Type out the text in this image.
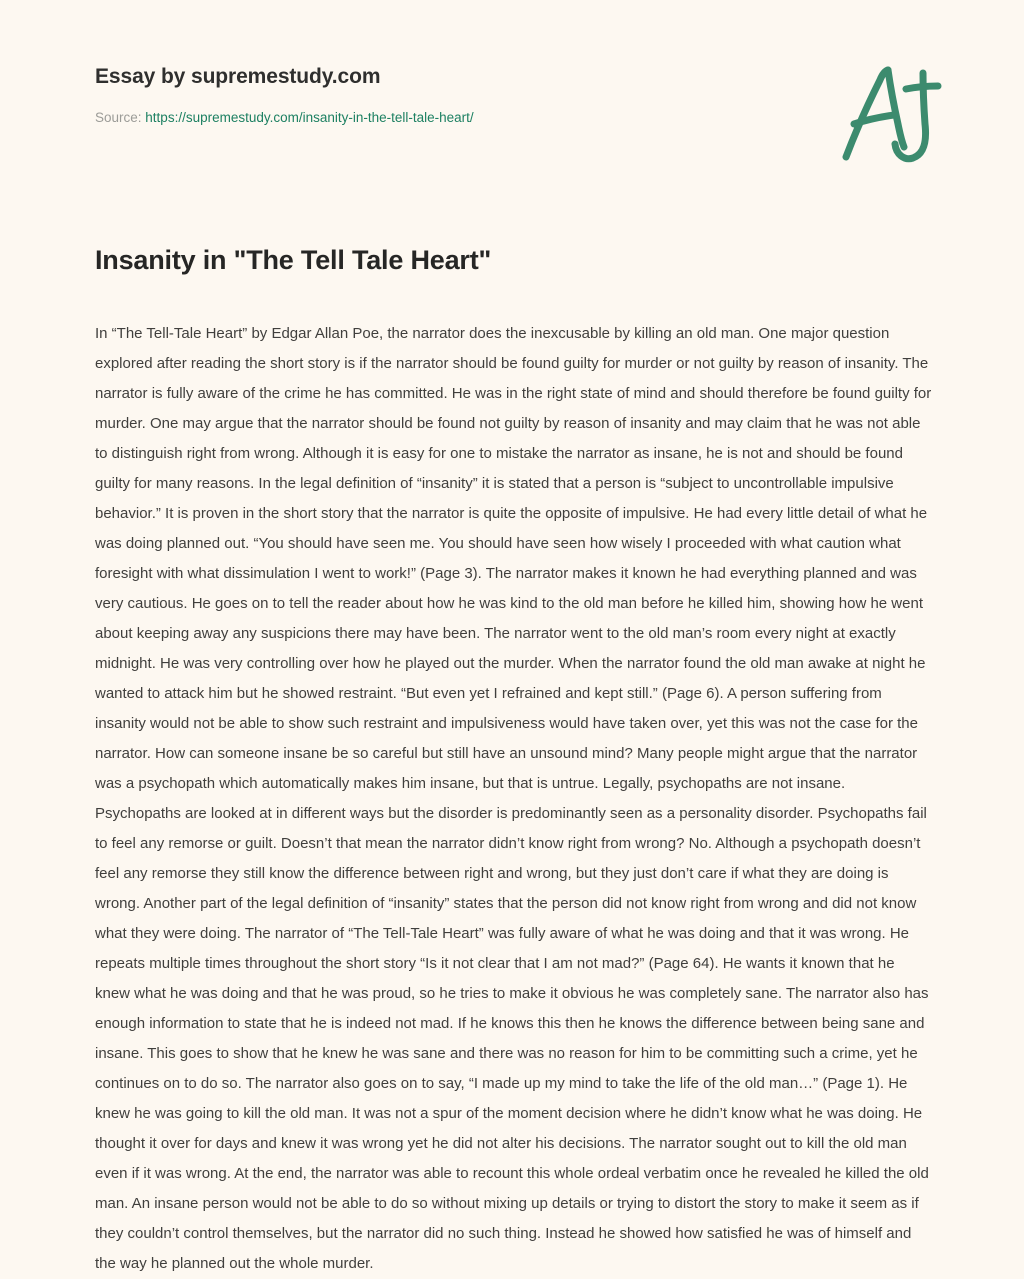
Essay by supremestudy.com
Source: https://supremestudy.com/insanity-in-the-tell-tale-heart/
Insanity in "The Tell Tale Heart"

In “The Tell-Tale Heart” by Edgar Allan Poe, the narrator does the inexcusable by killing an old man. One major question explored after reading the short story is if the narrator should be found guilty for murder or not guilty by reason of insanity. The narrator is fully aware of the crime he has committed. He was in the right state of mind and should therefore be found guilty for murder. One may argue that the narrator should be found not guilty by reason of insanity and may claim that he was not able to distinguish right from wrong. Although it is easy for one to mistake the narrator as insane, he is not and should be found guilty for many reasons. In the legal definition of “insanity” it is stated that a person is “subject to uncontrollable impulsive behavior.” It is proven in the short story that the narrator is quite the opposite of impulsive. He had every little detail of what he was doing planned out. “You should have seen me. You should have seen how wisely I proceeded with what caution what foresight with what dissimulation I went to work!” (Page 3). The narrator makes it known he had everything planned and was very cautious. He goes on to tell the reader about how he was kind to the old man before he killed him, showing how he went about keeping away any suspicions there may have been. The narrator went to the old man’s room every night at exactly midnight. He was very controlling over how he played out the murder. When the narrator found the old man awake at night he wanted to attack him but he showed restraint. “But even yet I refrained and kept still.” (Page 6). A person suffering from insanity would not be able to show such restraint and impulsiveness would have taken over, yet this was not the case for the narrator. How can someone insane be so careful but still have an unsound mind? Many people might argue that the narrator was a psychopath which automatically makes him insane, but that is untrue. Legally, psychopaths are not insane. Psychopaths are looked at in different ways but the disorder is predominantly seen as a personality disorder. Psychopaths fail to feel any remorse or guilt. Doesn’t that mean the narrator didn’t know right from wrong? No. Although a psychopath doesn’t feel any remorse they still know the difference between right and wrong, but they just don’t care if what they are doing is wrong. Another part of the legal definition of “insanity” states that the person did not know right from wrong and did not know what they were doing. The narrator of “The Tell-Tale Heart” was fully aware of what he was doing and that it was wrong. He repeats multiple times throughout the short story “Is it not clear that I am not mad?” (Page 64). He wants it known that he knew what he was doing and that he was proud, so he tries to make it obvious he was completely sane. The narrator also has enough information to state that he is indeed not mad. If he knows this then he knows the difference between being sane and insane. This goes to show that he knew he was sane and there was no reason for him to be committing such a crime, yet he continues on to do so. The narrator also goes on to say, “I made up my mind to take the life of the old man…” (Page 1). He knew he was going to kill the old man. It was not a spur of the moment decision where he didn’t know what he was doing. He thought it over for days and knew it was wrong yet he did not alter his decisions. The narrator sought out to kill the old man even if it was wrong. At the end, the narrator was able to recount this whole ordeal verbatim once he revealed he killed the old man. An insane person would not be able to do so without mixing up details or trying to distort the story to make it seem as if they couldn’t control themselves, but the narrator did no such thing. Instead he showed how satisfied he was of himself and the way he planned out the whole murder.
